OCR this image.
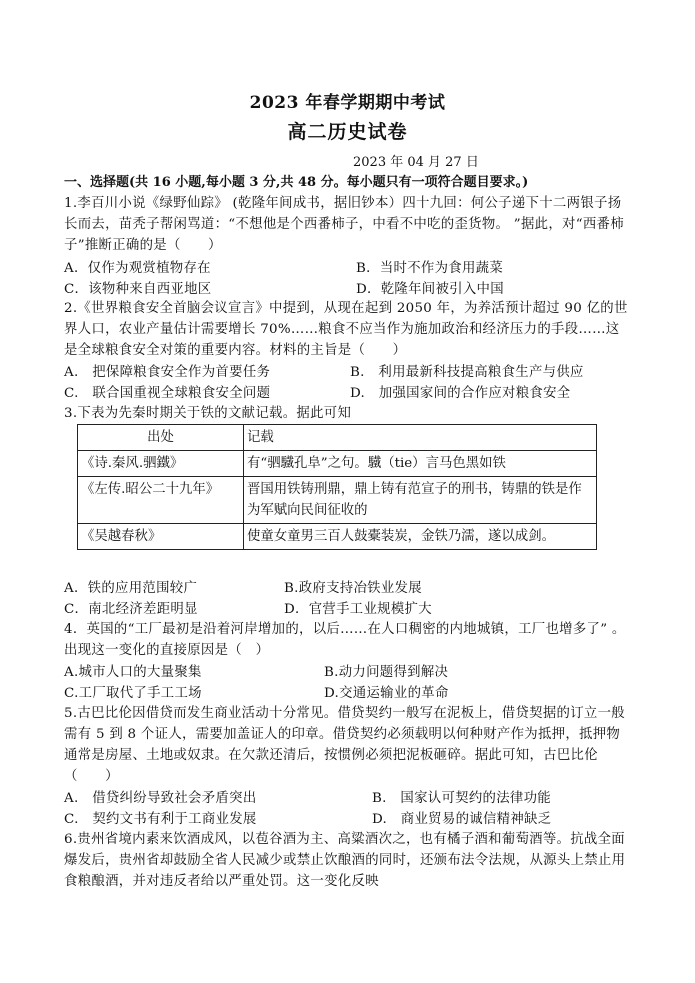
2023 年春学期期中考试
高二历史试卷
2023 年 04 月 27 日
一、选择题(共 16 小题,每小题 3 分,共 48 分。每小题只有一项符合题目要求。)
1.李百川小说《绿野仙踪》 (乾隆年间成书，据旧钞本）四十九回：何公子递下十二两银子扬长而去，苗秃子帮闲骂道：“不想他是个西番柿子，中看不中吃的歪货物。 ”据此，对“西番柿子”推断正确的是（　　）
A．仅作为观赏植物存在	B．当时不作为食用蔬菜
C．该物种来自西亚地区	D．乾隆年间被引入中国
2.《世界粮食安全首脑会议宣言》中提到，从现在起到 2050 年，为养活预计超过 90 亿的世界人口，农业产量估计需要增长 70%……粮食不应当作为施加政治和经济压力的手段……这是全球粮食安全对策的重要内容。材料的主旨是（　　）
A.　把保障粮食安全作为首要任务	B.　利用最新科技提高粮食生产与供应
C.　联合国重视全球粮食安全问题	D.　加强国家间的合作应对粮食安全
3.下表为先秦时期关于铁的文献记载。据此可知
出处	记载
《诗.秦风.驷鐵》	有“驷驖孔阜”之句。驖（tie）言马色黑如铁
《左传.昭公二十九年》	晋国用铁铸刑鼎，鼎上铸有范宣子的刑书，铸鼎的铁是作为军赋向民间征收的
《吴越春秋》	使童女童男三百人鼓橐装炭，金铁乃濡，遂以成剑。
A．铁的应用范围较广	B.政府支持冶铁业发展
C．南北经济差距明显	D．官营手工业规模扩大
4．英国的“工厂最初是沿着河岸增加的，以后……在人口稠密的内地城镇，工厂也增多了” 。出现这一变化的直接原因是（　）
A.城市人口的大量聚集	B.动力问题得到解决
C.工厂取代了手工工场	D.交通运输业的革命
5.古巴比伦因借贷而发生商业活动十分常见。借贷契约一般写在泥板上，借贷契据的订立一般需有 5 到 8 个证人，需要加盖证人的印章。借贷契约必须载明以何种财产作为抵押，抵押物通常是房屋、土地或奴隶。在欠款还清后，按惯例必须把泥板砸碎。据此可知，古巴比伦（　　）
A.　借贷纠纷导致社会矛盾突出	B.　国家认可契约的法律功能
C.　契约文书有利于工商业发展	D.　商业贸易的诚信精神缺乏
6.贵州省境内素来饮酒成风，以苞谷酒为主、高粱酒次之，也有橘子酒和葡萄酒等。抗战全面爆发后，贵州省却鼓励全省人民减少或禁止饮酿酒的同时，还颁布法令法规，从源头上禁止用食粮酿酒，并对违反者给以严重处罚。这一变化反映
